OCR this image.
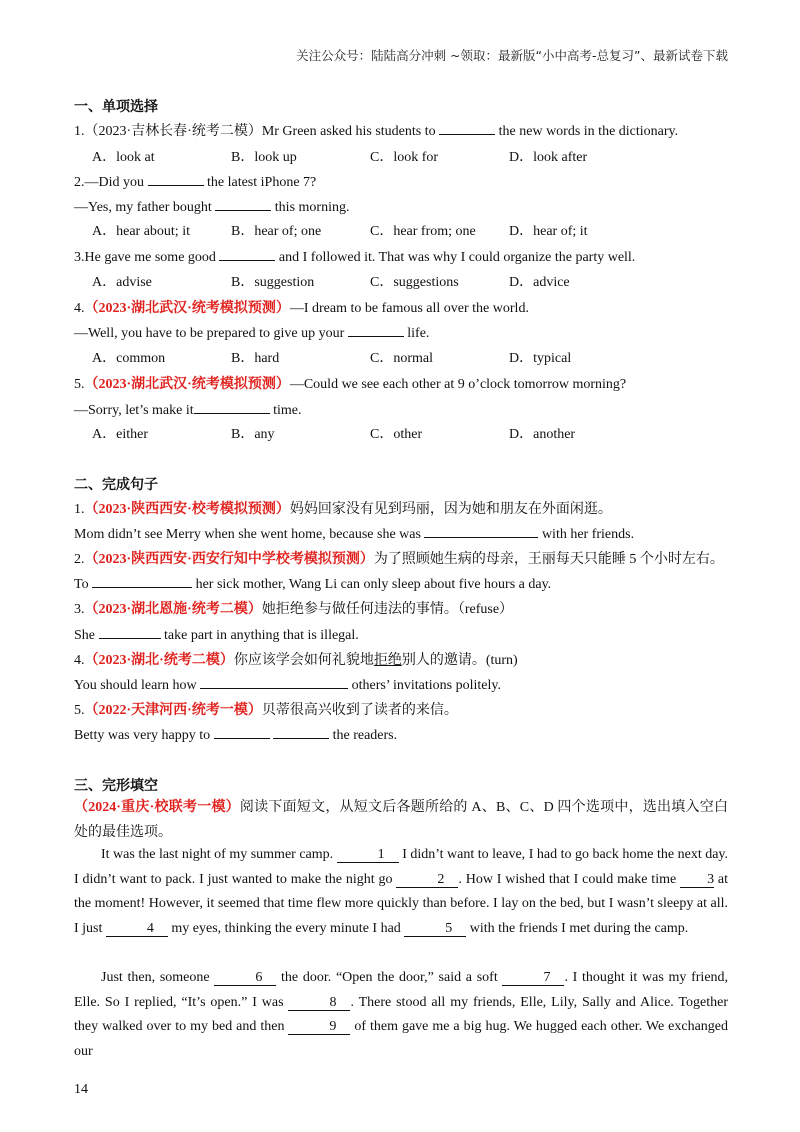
关注公众号：陆陆高分冲刺 ~领取：最新版“小中高考-总复习”、最新试卷下载
一、单项选择
1.（2023·吉林长春·统考二模）Mr Green asked his students to	the new words in the dictionary.
A．look at	B．look up	C．look for	D．look after
2.—Did you	the latest iPhone 7?
—Yes, my father bought	this morning.
A．hear about; it	B．hear of; one	C．hear from; one D．hear of; it
3.He gave me some good	and I followed it. That was why I could organize the party well.
A．advise	B．suggestion	C．suggestions	D．advice
4.（2023·湖北武汉·统考模拟预测）—I dream to be famous all over the world.
—Well, you have to be prepared to give up your	life.
A．common	B．hard	C．normal	D．typical
5.（2023·湖北武汉·统考模拟预测）—Could we see each other at 9 o’clock tomorrow morning?
—Sorry, let’s make it	time.
A．either	B．any	C．other	D．another
二、完成句子
1.（2023·陕西西安·校考模拟预测）妈妈回家没有见到玛丽，因为她和朋友在外面闲逛。
Mom didn’t see Merry when she went home, because she was	with her friends.
2.（2023·陕西西安·西安行知中学校考模拟预测）为了照顾她生病的母亲，王丽每天只能睡 5 个小时左右。
To	her sick mother, Wang Li can only sleep about five hours a day.
3.（2023·湖北恩施·统考二模）她拒绝参与做任何违法的事情。（refuse）
She	take part in anything that is illegal.
4.（2023·湖北·统考二模）你应该学会如何礼貌地拒绝别人的邀请。(turn)
You should learn how	others’ invitations politely.
5.（2022·天津河西·统考一模）贝蒂很高兴收到了读者的来信。
Betty was very happy to	the readers.
三、完形填空
（2024·重庆·校联考一模）阅读下面短文，从短文后各题所给的 A、B、C、D 四个选项中，选出填入空白处的最佳选项。
It was the last night of my summer camp.	1 I didn’t want to leave, I had to go back home the next day. I didn’t want to pack. I just wanted to make the night go	2 . How I wished that I could make time 3 at the moment! However, it seemed that time flew more quickly than before. I lay on the bed, but I wasn’t sleepy at all. I just	4 my eyes, thinking the every minute I had	5 with the friends I met during the camp.
Just then, someone	6 the door. “Open the door,” said a soft	7 . I thought it was my friend, Elle. So I replied, “It’s open.” I was	8 . There stood all my friends, Elle, Lily, Sally and Alice. Together they walked over to my bed and then	9 of them gave me a big hug. We hugged each other. We exchanged our
14
